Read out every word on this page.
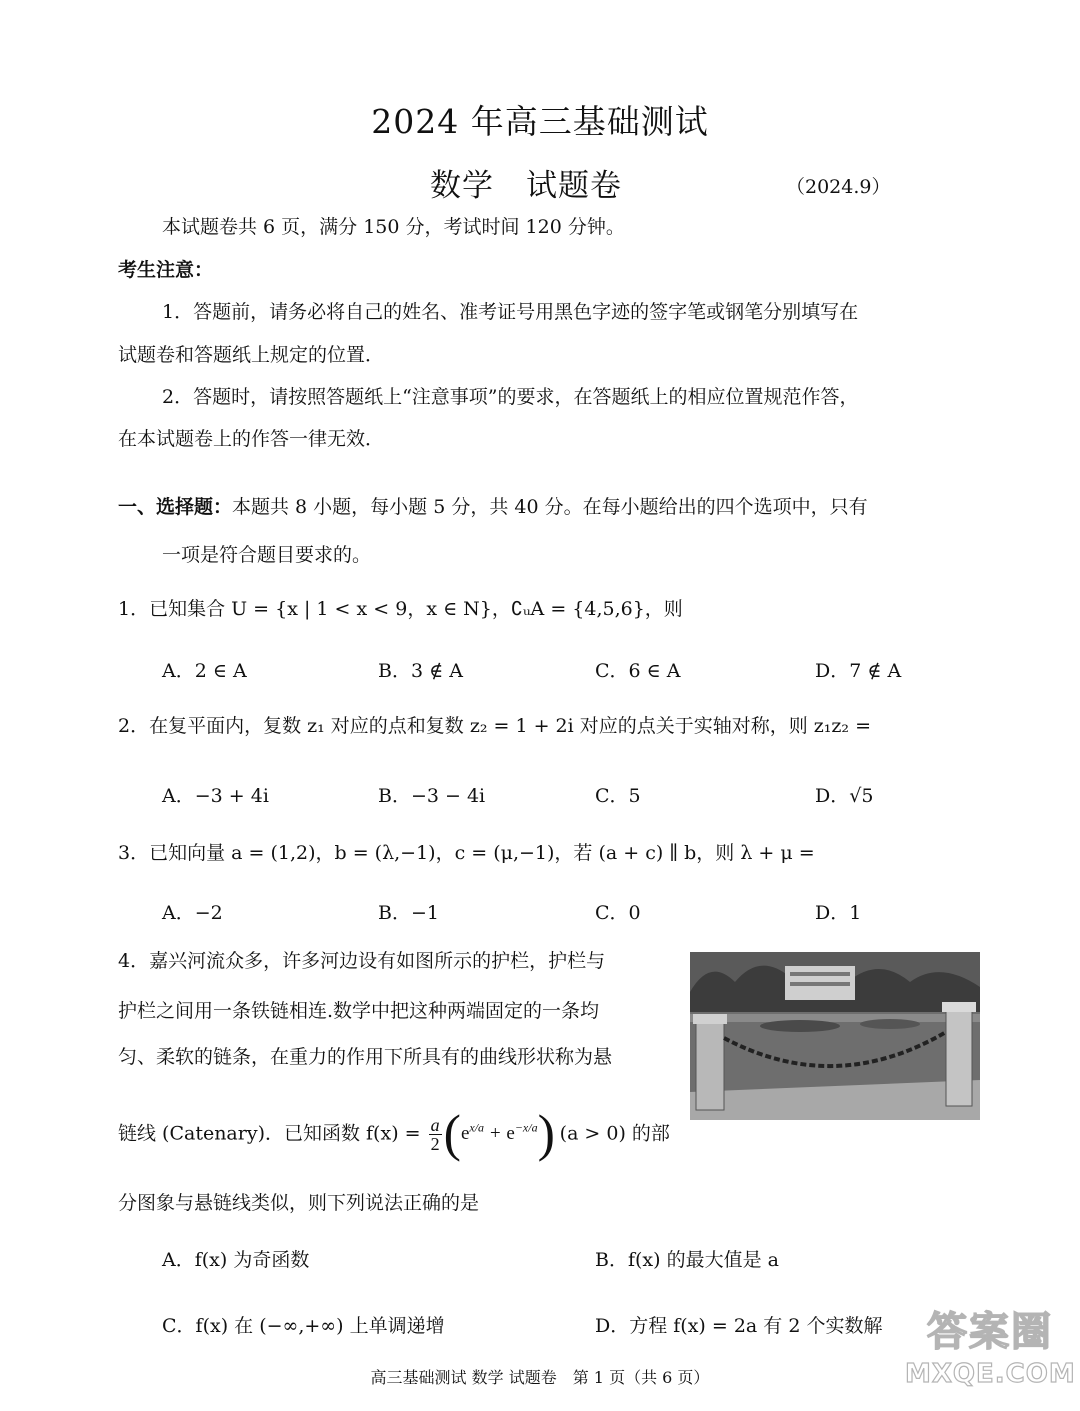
2024 年高三基础测试
数学　试题卷	（2024.9）
本试题卷共 6 页，满分 150 分，考试时间 120 分钟。
考生注意：
1．答题前，请务必将自己的姓名、准考证号用黑色字迹的签字笔或钢笔分别填写在
试题卷和答题纸上规定的位置．
2．答题时，请按照答题纸上“注意事项”的要求，在答题纸上的相应位置规范作答，
在本试题卷上的作答一律无效．
一、选择题：本题共 8 小题，每小题 5 分，共 40 分。在每小题给出的四个选项中，只有
一项是符合题目要求的。
1．已知集合 U = {x | 1 < x < 9，x ∈ N}，∁ᵤA = {4,5,6}，则
A．2 ∈ A	B．3 ∉ A	C．6 ∈ A	D．7 ∉ A
2．在复平面内，复数 z₁ 对应的点和复数 z₂ = 1 + 2i 对应的点关于实轴对称，则 z₁z₂ =
A．−3 + 4i	B．−3 − 4i	C．5	D．√5
3．已知向量 a = (1,2)，b = (λ,−1)，c = (μ,−1)，若 (a + c) ∥ b，则 λ + μ =
A．−2	B．−1	C．0	D．1
4．嘉兴河流众多，许多河边设有如图所示的护栏，护栏与
护栏之间用一条铁链相连.数学中把这种两端固定的一条均
匀、柔软的链条，在重力的作用下所具有的曲线形状称为悬
链线 (Catenary)．已知函数 $f(x) = \frac{a}{2} (e^{x/a} + e^{-x/a}) (a > 0)$ 的部
分图象与悬链线类似，则下列说法正确的是
A．f(x) 为奇函数	B．f(x) 的最大值是 a
C．f(x) 在 (−∞,+∞) 上单调递增	D．方程 f(x) = 2a 有 2 个实数解
高三基础测试 数学 试题卷　第 1 页（共 6 页）
答案圈
MXQE.COM
